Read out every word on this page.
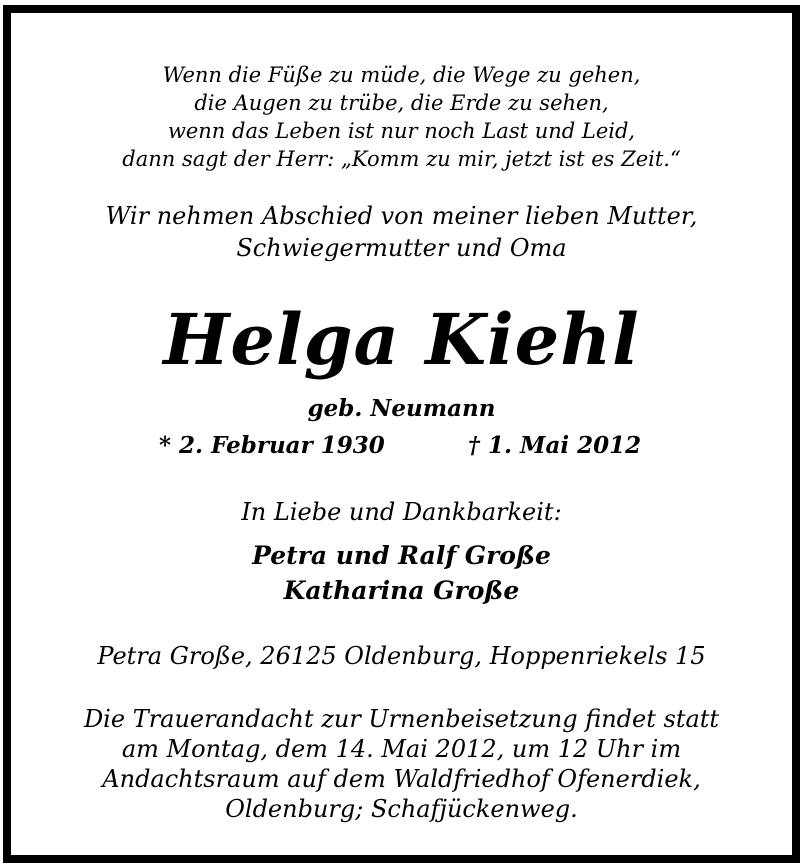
Wenn die Füße zu müde, die Wege zu gehen,
die Augen zu trübe, die Erde zu sehen,
wenn das Leben ist nur noch Last und Leid,
dann sagt der Herr: „Komm zu mir, jetzt ist es Zeit.“
Wir nehmen Abschied von meiner lieben Mutter,
Schwiegermutter und Oma
Helga Kiehl
geb. Neumann
* 2. Februar 1930	† 1. Mai 2012
In Liebe und Dankbarkeit:
Petra und Ralf Große
Katharina Große
Petra Große, 26125 Oldenburg, Hoppenriekels 15
Die Trauerandacht zur Urnenbeisetzung findet statt
am Montag, dem 14. Mai 2012, um 12 Uhr im
Andachtsraum auf dem Waldfriedhof Ofenerdiek,
Oldenburg; Schafjückenweg.
